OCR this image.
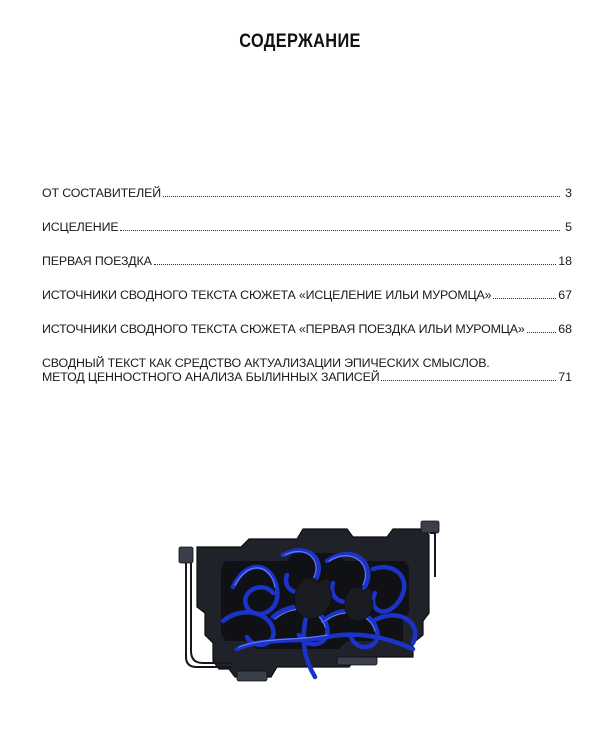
СОДЕРЖАНИЕ
ОТ СОСТАВИТЕЛЕЙ	3
ИСЦЕЛЕНИЕ	5
ПЕРВАЯ ПОЕЗДКА	18
ИСТОЧНИКИ СВОДНОГО ТЕКСТА СЮЖЕТА «ИСЦЕЛЕНИЕ ИЛЬИ МУРОМЦА»	67
ИСТОЧНИКИ СВОДНОГО ТЕКСТА СЮЖЕТА «ПЕРВАЯ ПОЕЗДКА ИЛЬИ МУРОМЦА»	68
СВОДНЫЙ ТЕКСТ КАК СРЕДСТВО АКТУАЛИЗАЦИИ ЭПИЧЕСКИХ СМЫСЛОВ.
МЕТОД ЦЕННОСТНОГО АНАЛИЗА БЫЛИННЫХ ЗАПИСЕЙ	71
